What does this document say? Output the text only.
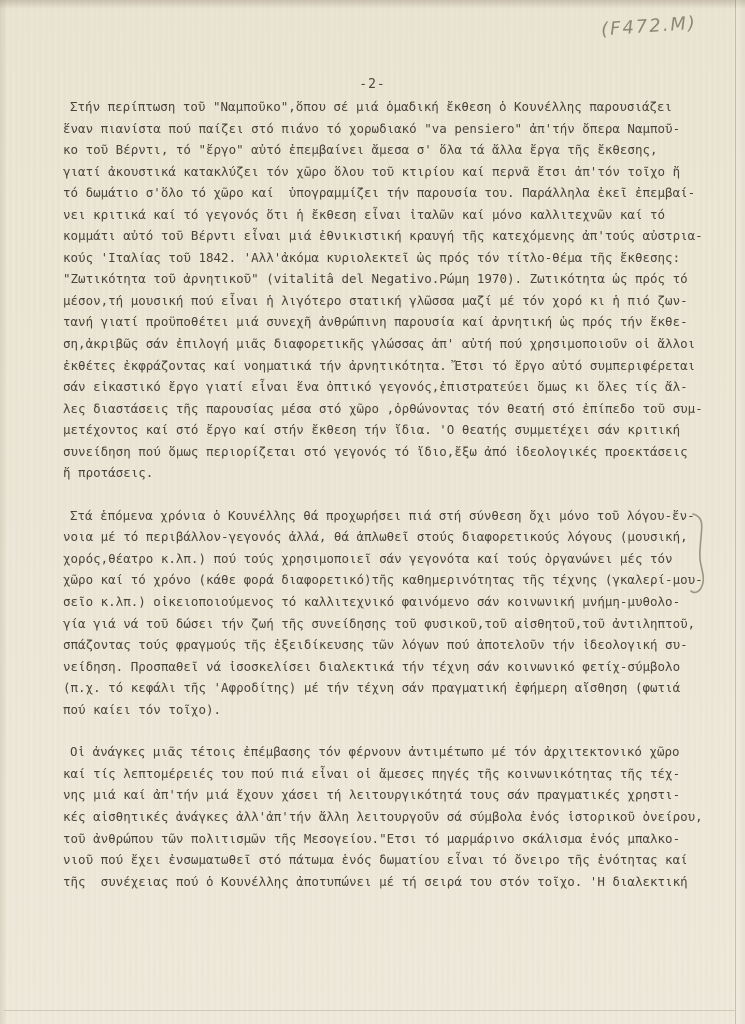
(F472.M)
-2-
Στήν περίπτωση τοῦ "Ναμποῦκο",ὅπου σέ μιά ὁμαδική ἔκθεση ὁ Κουνέλλης παρουσιάζει
ἕναν πιανίστα πού παίζει στό πιάνο τό χορωδιακό "va pensiero" ἀπ'τήν ὄπερα Ναμποῦ-
κο τοῦ Βέρντι, τό "ἔργο" αὐτό ἐπεμβαίνει ἄμεσα σ' ὅλα τά ἄλλα ἔργα τῆς ἔκθεσης,
γιατί ἀκουστικά κατακλύζει τόν χῶρο ὅλου τοῦ κτιρίου καί περνᾶ ἔτσι ἀπ'τόν τοῖχο ἤ
τό δωμάτιο σ'ὅλο τό χῶρο καί  ὑπογραμμίζει τήν παρουσία του. Παράλληλα ἐκεῖ ἐπεμβαί-
νει κριτικά καί τό γεγονός ὅτι ἡ ἔκθεση εἶναι ἰταλῶν καί μόνο καλλιτεχνῶν καί τό
κομμάτι αὐτό τοῦ Βέρντι εἶναι μιά ἐθνικιστική κραυγή τῆς κατεχόμενης ἀπ'τούς αὐστρια-
κούς 'Ιταλίας τοῦ 1842. 'Αλλ'ἀκόμα κυριολεκτεῖ ὡς πρός τόν τίτλο-θέμα τῆς ἔκθεσης:
"Ζωτικότητα τοῦ ἀρνητικοῦ" (vitalitâ del Negativo.Ρώμη 1970). Ζωτικότητα ὡς πρός τό
μέσον,τή μουσική πού εἶναι ἡ λιγότερο στατική γλῶσσα μαζί μέ τόν χορό κι ἡ πιό ζων-
τανή γιατί προϋποθέτει μιά συνεχῆ ἀνθρώπινη παρουσία καί ἀρνητική ὡς πρός τήν ἔκθε-
ση,ἀκριβῶς σάν ἐπιλογή μιᾶς διαφορετικῆς γλώσσας ἀπ' αὐτή πού χρησιμοποιοῦν οἱ ἄλλοι
ἐκθέτες ἐκφράζοντας καί νοηματικά τήν ἀρνητικότητα. Ἔτσι τό ἔργο αὐτό συμπεριφέρεται
σάν εἰκαστικό ἔργο γιατί εἶναι ἕνα ὀπτικό γεγονός,ἐπιστρατεύει ὅμως κι ὅλες τίς ἄλ-
λες διαστάσεις τῆς παρουσίας μέσα στό χῶρο ,ὀρθώνοντας τόν θεατή στό ἐπίπεδο τοῦ συμ-
μετέχοντος καί στό ἔργο καί στήν ἔκθεση τήν ἴδια. 'Ο θεατής συμμετέχει σάν κριτική
συνείδηση πού ὅμως περιορίζεται στό γεγονός τό ἴδιο,ἔξω ἀπό ἰδεολογικές προεκτάσεις
ἤ προτάσεις.
Στά ἑπόμενα χρόνια ὁ Κουνέλλης θά προχωρήσει πιά στή σύνθεση ὄχι μόνο τοῦ λόγου-ἔν-
νοια μέ τό περιβάλλον-γεγονός ἀλλά, θά ἁπλωθεῖ στούς διαφορετικούς λόγους (μουσική,
χορός,θέατρο κ.λπ.) πού τούς χρησιμοποιεῖ σάν γεγονότα καί τούς ὀργανώνει μές τόν
χῶρο καί τό χρόνο (κάθε φορά διαφορετικό)τῆς καθημερινότητας τῆς τέχνης (γκαλερί-μου-
σεῖο κ.λπ.) οἰκειοποιούμενος τό καλλιτεχνικό φαινόμενο σάν κοινωνική μνήμη-μυθολο-
γία γιά νά τοῦ δώσει τήν ζωή τῆς συνείδησης τοῦ φυσικοῦ,τοῦ αἰσθητοῦ,τοῦ ἀντιληπτοῦ,
σπάζοντας τούς φραγμούς τῆς ἐξειδίκευσης τῶν λόγων πού ἀποτελοῦν τήν ἰδεολογική συ-
νείδηση. Προσπαθεῖ νά ἰσοσκελίσει διαλεκτικά τήν τέχνη σάν κοινωνικό φετίχ-σύμβολο
(π.χ. τό κεφάλι τῆς 'Αφροδίτης) μέ τήν τέχνη σάν πραγματική ἐφήμερη αἴσθηση (φωτιά
πού καίει τόν τοῖχο).
Οἱ ἀνάγκες μιᾶς τέτοις ἐπέμβασης τόν φέρνουν ἀντιμέτωπο μέ τόν ἀρχιτεκτονικό χῶρο
καί τίς λεπτομέρειές του πού πιά εἶναι οἱ ἄμεσες πηγές τῆς κοινωνικότητας τῆς τέχ-
νης μιά καί ἀπ'τήν μιά ἔχουν χάσει τή λειτουργικότητά τους σάν πραγματικές χρηστι-
κές αἰσθητικές ἀνάγκες ἀλλ'ἀπ'τήν ἄλλη λειτουργοῦν σά σύμβολα ἑνός ἱστορικοῦ ὀνείρου,
τοῦ ἀνθρώπου τῶν πολιτισμῶν τῆς Μεσογείου."Ετσι τό μαρμάρινο σκάλισμα ἑνός μπαλκο-
νιοῦ πού ἔχει ἐνσωματωθεῖ στό πάτωμα ἑνός δωματίου εἶναι τό ὄνειρο τῆς ἑνότητας καί
τῆς  συνέχειας πού ὁ Κουνέλλης ἀποτυπώνει μέ τή σειρά του στόν τοῖχο. 'Η διαλεκτική
